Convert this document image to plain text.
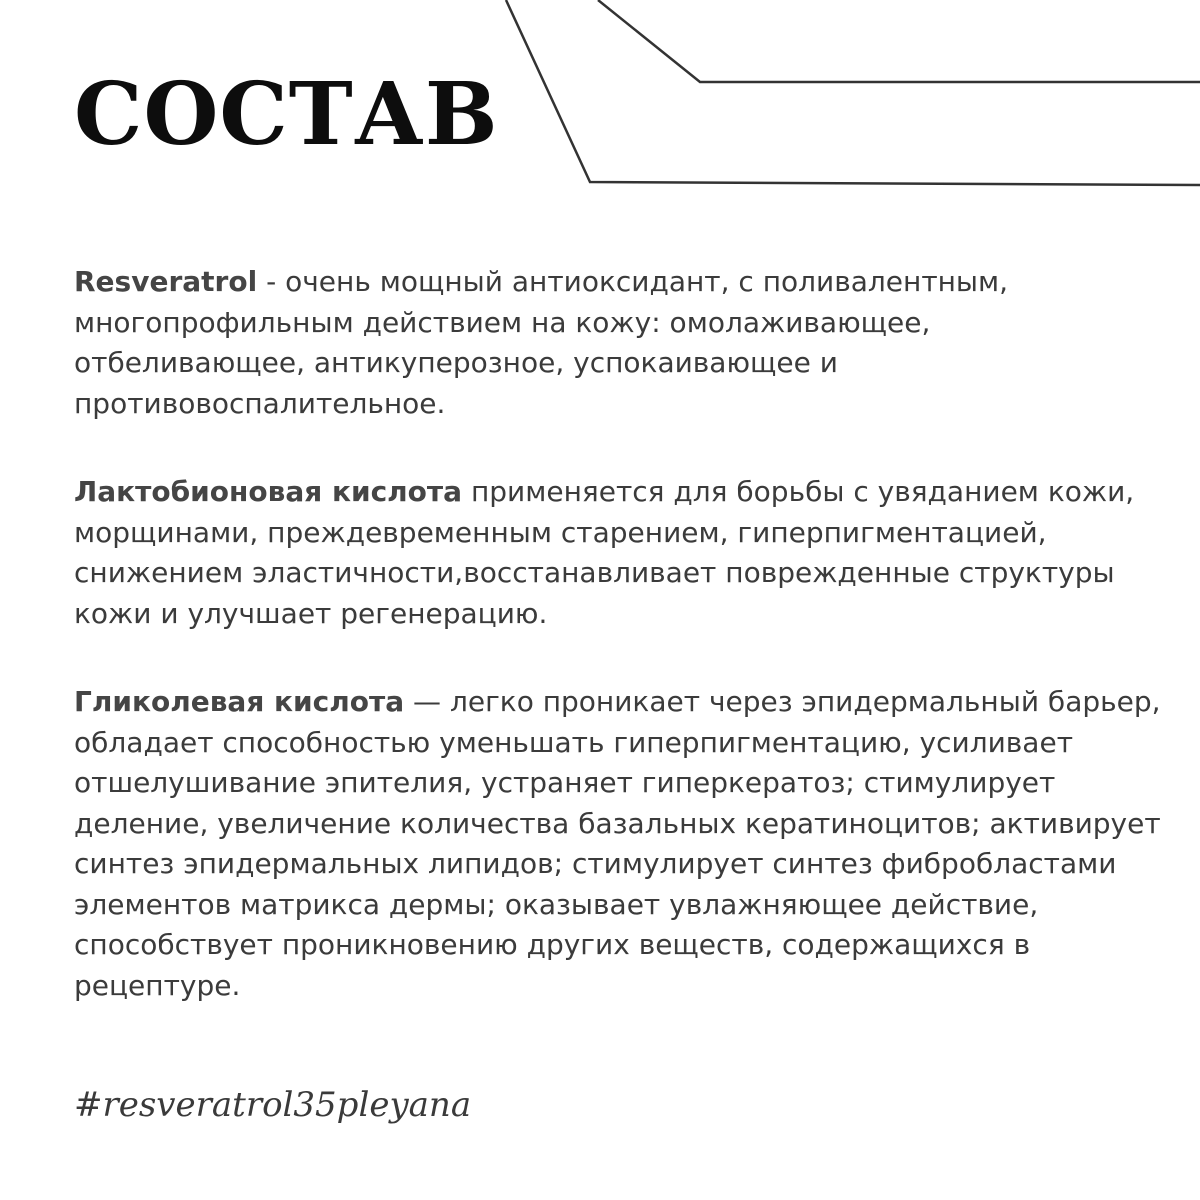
СОСТАВ

Resveratrol - очень мощный антиоксидант, с поливалентным, многопрофильным действием на кожу: омолаживающее, отбеливающее, антикуперозное, успокаивающее и противовоспалительное.

Лактобионовая кислота применяется для борьбы с увяданием кожи, морщинами, преждевременным старением, гиперпигментацией, снижением эластичности,восстанавливает поврежденные структуры кожи и улучшает регенерацию.

Гликолевая кислота — легко проникает через эпидермальный барьер, обладает способностью уменьшать гиперпигментацию, усиливает отшелушивание эпителия, устраняет гиперкератоз; стимулирует деление, увеличение количества базальных кератиноцитов; активирует синтез эпидермальных липидов; стимулирует синтез фибробластами элементов матрикса дермы; оказывает увлажняющее действие, способствует проникновению других веществ, содержащихся в рецептуре.

#resveratrol35pleyana
